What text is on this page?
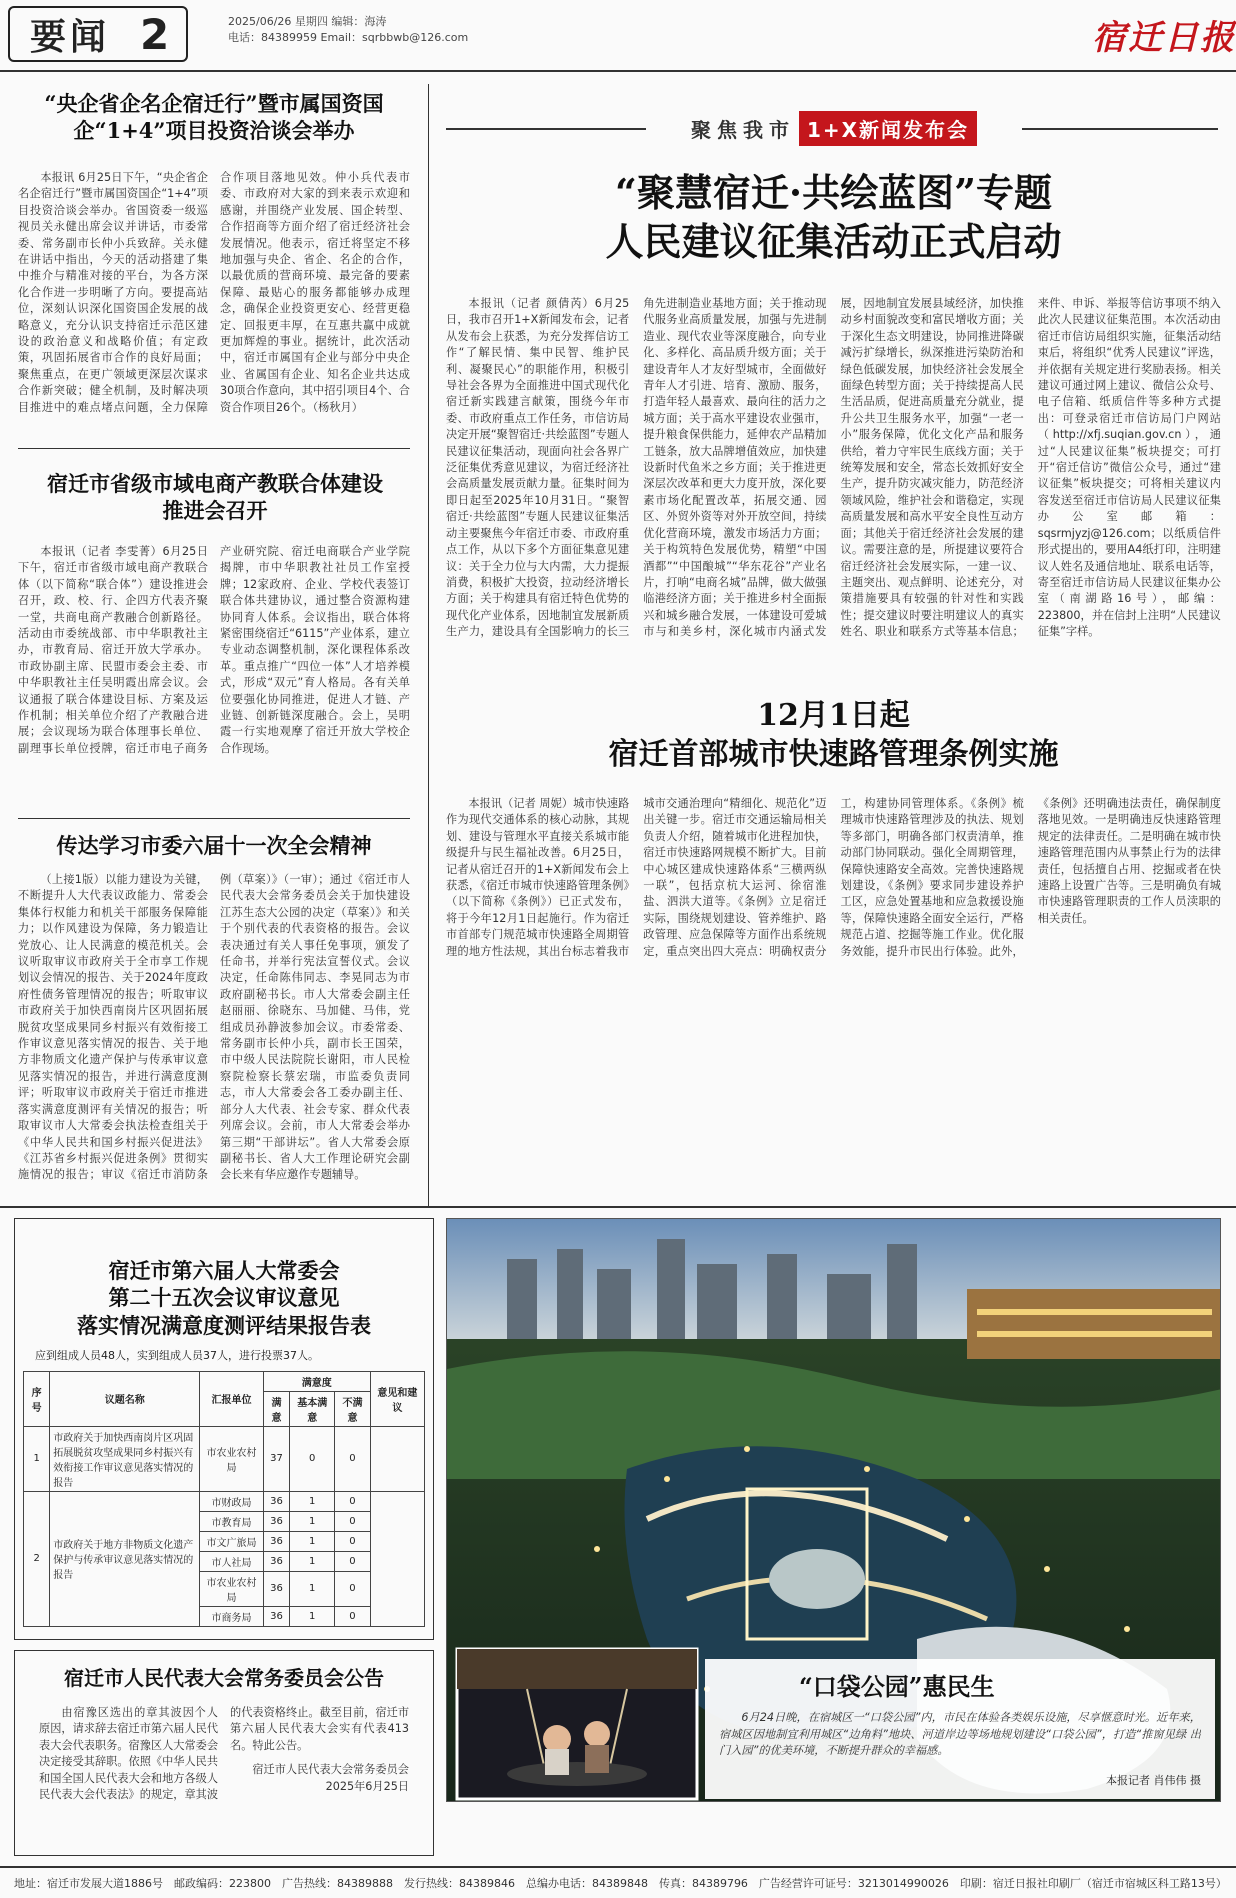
要闻 2	2025/06/26 星期四 编辑：海涛
电话：84389959 Email：sqrbbwb@126.com	宿迁日报
“央企省企名企宿迁行”暨市属国资国企“1+4”项目投资洽谈会举办

本报讯 6月25日下午，“央企省企名企宿迁行”暨市属国资国企“1+4”项目投资洽谈会举办。省国资委一级巡视员关永健出席会议并讲话，市委常委、常务副市长仲小兵致辞。关永健在讲话中指出，今天的活动搭建了集中推介与精准对接的平台，为各方深化合作进一步明晰了方向。要提高站位，深刻认识深化国资国企发展的战略意义，充分认识支持宿迁示范区建设的政治意义和战略价值；有定政策，巩固拓展省市合作的良好局面；聚焦重点，在更广领域更深层次谋求合作新突破；健全机制，及时解决项目推进中的难点堵点问题，全力保障合作项目落地见效。仲小兵代表市委、市政府对大家的到来表示欢迎和感谢，并围绕产业发展、国企转型、合作招商等方面介绍了宿迁经济社会发展情况。他表示，宿迁将坚定不移地加强与央企、省企、名企的合作，以最优质的营商环境、最完备的要素保障、最贴心的服务都能够办成理念，确保企业投资更安心、经营更稳定、回报更丰厚，在互惠共赢中成就更加辉煌的事业。据统计，此次活动中，宿迁市属国有企业与部分中央企业、省属国有企业、知名企业共达成30项合作意向，其中招引项目4个、合资合作项目26个。（杨秋月）

宿迁市省级市域电商产教联合体建设推进会召开

本报讯（记者 李雯菁）6月25日下午，宿迁市省级市域电商产教联合体（以下简称“联合体”）建设推进会召开，政、校、行、企四方代表齐聚一堂，共商电商产教融合创新路径。活动由市委统战部、市中华职教社主办，市教育局、宿迁开放大学承办。市政协副主席、民盟市委会主委、市中华职教社主任吴明霞出席会议。会议通报了联合体建设目标、方案及运作机制；相关单位介绍了产教融合进展；会议现场为联合体理事长单位、副理事长单位授牌，宿迁市电子商务产业研究院、宿迁电商联合产业学院揭牌，市中华职教社社员工作室授牌；12家政府、企业、学校代表签订联合体共建协议，通过整合资源构建协同育人体系。会议指出，联合体将紧密围绕宿迁“6115”产业体系，建立专业动态调整机制，深化课程体系改革。重点推广“四位一体”人才培养模式，形成“双元”育人格局。各有关单位要强化协同推进，促进人才链、产业链、创新链深度融合。会上，吴明霞一行实地观摩了宿迁开放大学校企合作现场。

传达学习市委六届十一次全会精神

（上接1版）以能力建设为关键，不断提升人大代表议政能力、常委会集体行权能力和机关干部服务保障能力；以作风建设为保障，务力锻造让党放心、让人民满意的模范机关。会议听取审议市政府关于全市享工作规划议会情况的报告、关于2024年度政府性债务管理情况的报告；听取审议市政府关于加快西南岗片区巩固拓展脱贫攻坚成果同乡村振兴有效衔接工作审议意见落实情况的报告、关于地方非物质文化遗产保护与传承审议意见落实情况的报告，并进行满意度测评；听取审议市政府关于宿迁市推进落实满意度测评有关情况的报告；听取审议市人大常委会执法检查组关于《中华人民共和国乡村振兴促进法》《江苏省乡村振兴促进条例》贯彻实施情况的报告；审议《宿迁市消防条例（草案）》（一审）；通过《宿迁市人民代表大会常务委员会关于加快建设江苏生态大公园的决定（草案）》和关于个别代表的代表资格的报告。会议表决通过有关人事任免事项，颁发了任命书，并举行宪法宣誓仪式。会议决定，任命陈伟同志、李晃同志为市政府副秘书长。市人大常委会副主任赵丽丽、徐晓东、马加健、马伟，党组成员孙静波参加会议。市委常委、常务副市长仲小兵，副市长王国荣，市中级人民法院院长谢阳，市人民检察院检察长蔡宏瑞，市监委负责同志，市人大常委会各工委办副主任、部分人大代表、社会专家、群众代表列席会议。会前，市人大常委会举办第三期“干部讲坛”。省人大常委会原副秘书长、省人大工作理论研究会副会长来有华应邀作专题辅导。

聚焦我市 1+X新闻发布会
“聚慧宿迁·共绘蓝图”专题
人民建议征集活动正式启动

本报讯（记者 颜倩芮）6月25日，我市召开1+X新闻发布会，记者从发布会上获悉，为充分发挥信访工作“了解民情、集中民智、维护民利、凝聚民心”的职能作用，积极引导社会各界为全面推进中国式现代化宿迁新实践建言献策，围绕今年市委、市政府重点工作任务，市信访局决定开展“聚智宿迁·共绘蓝图”专题人民建议征集活动，现面向社会各界广泛征集优秀意见建议，为宿迁经济社会高质量发展贡献力量。征集时间为即日起至2025年10月31日。“聚智宿迁·共绘蓝图”专题人民建议征集活动主要聚焦今年宿迁市委、市政府重点工作，从以下多个方面征集意见建议：关于全力位与大内需，大力提振消费，积极扩大投资，拉动经济增长方面；关于构建具有宿迁特色优势的现代化产业体系，因地制宜发展新质生产力，建设具有全国影响力的长三角先进制造业基地方面；关于推动现代服务业高质量发展，加强与先进制造业、现代农业等深度融合，向专业化、多样化、高品质升级方面；关于建设青年人才友好型城市，全面做好青年人才引进、培育、激励、服务，打造年轻人最喜欢、最向往的活力之城方面；关于高水平建设农业强市，提升粮食保供能力，延伸农产品精加工链条，放大品牌增值效应，加快建设新时代鱼米之乡方面；关于推进更深层次改革和更大力度开放，深化要素市场化配置改革，拓展交通、园区、外贸外资等对外开放空间，持续优化营商环境，激发市场活力方面；关于构筑特色发展优势，精塑“中国酒都”“中国酿城”“华东花谷”产业名片，打响“电商名城”品牌，做大做强临港经济方面；关于推进乡村全面振兴和城乡融合发展，一体建设可爱城市与和美乡村，深化城市内涵式发展，因地制宜发展县域经济，加快推动乡村面貌改变和富民增收方面；关于深化生态文明建设，协同推进降碳减污扩绿增长，纵深推进污染防治和绿色低碳发展，加快经济社会发展全面绿色转型方面；关于持续提高人民生活品质，促进高质量充分就业，提升公共卫生服务水平，加强“一老一小”服务保障，优化文化产品和服务供给，着力守牢民生底线方面；关于统筹发展和安全，常态长效抓好安全生产，提升防灾减灾能力，防范经济领域风险，维护社会和谐稳定，实现高质量发展和高水平安全良性互动方面；其他关于宿迁经济社会发展的建议。需要注意的是，所提建议要符合宿迁经济社会发展实际，一建一议、主题突出、观点鲜明、论述充分，对策措施要具有较强的针对性和实践性；提交建议时要注明建议人的真实姓名、职业和联系方式等基本信息；来件、申诉、举报等信访事项不纳入此次人民建议征集范围。本次活动由宿迁市信访局组织实施，征集活动结束后，将组织“优秀人民建议”评选，并依据有关规定进行奖励表扬。相关建议可通过网上建议、微信公众号、电子信箱、纸质信件等多种方式提出：可登录宿迁市信访局门户网站（http://xfj.suqian.gov.cn），通过“人民建议征集”板块提交；可打开“宿迁信访”微信公众号，通过“建议征集”板块提交；可将相关建议内容发送至宿迁市信访局人民建议征集办公室邮箱：sqsrmjyzj@126.com；以纸质信件形式提出的，要用A4纸打印，注明建议人姓名及通信地址、联系电话等，寄至宿迁市信访局人民建议征集办公室（南湖路16号），邮编：223800，并在信封上注明“人民建议征集”字样。

12月1日起
宿迁首部城市快速路管理条例实施

本报讯（记者 周妮）城市快速路作为现代交通体系的核心动脉，其规划、建设与管理水平直接关系城市能级提升与民生福祉改善。6月25日，记者从宿迁召开的1+X新闻发布会上获悉，《宿迁市城市快速路管理条例》（以下简称《条例》）已正式发布，将于今年12月1日起施行。作为宿迁市首部专门规范城市快速路全周期管理的地方性法规，其出台标志着我市城市交通治理向“精细化、规范化”迈出关键一步。宿迁市交通运输局相关负责人介绍，随着城市化进程加快，宿迁市快速路网规模不断扩大。目前中心城区建成快速路体系“三横两纵一联”，包括京杭大运河、徐宿淮盐、泗洪大道等。《条例》立足宿迁实际，围绕规划建设、管养维护、路政管理、应急保障等方面作出系统规定，重点突出四大亮点：明确权责分工，构建协同管理体系。《条例》梳理城市快速路管理涉及的执法、规划等多部门，明确各部门权责清单，推动部门协同联动。强化全周期管理，保障快速路安全高效。完善快速路规划建设，《条例》要求同步建设养护工区，应急处置基地和应急救援设施等，保障快速路全面安全运行，严格规范占道、挖掘等施工作业。优化服务效能，提升市民出行体验。此外，《条例》还明确违法责任，确保制度落地见效。一是明确违反快速路管理规定的法律责任。二是明确在城市快速路管理范围内从事禁止行为的法律责任，包括擅自占用、挖掘或者在快速路上设置广告等。三是明确负有城市快速路管理职责的工作人员渎职的相关责任。

宿迁市第六届人大常委会
第二十五次会议审议意见
落实情况满意度测评结果报告表
应到组成人员48人，实到组成人员37人，进行投票37人。
序号	议题名称	汇报单位	满意度			意见和建议
			满意	基本满意	不满意	
1	市政府关于加快西南岗片区巩固拓展脱贫攻坚成果同乡村振兴有效衔接工作审议意见落实情况的报告	市农业农村局	37	0	0	
2	市政府关于地方非物质文化遗产保护与传承审议意见落实情况的报告	市财政局	36	1	0	
		市教育局	36	1	0	
		市文广旅局	36	1	0	
		市人社局	36	1	0	
		市农业农村局	36	1	0	
		市商务局	36	1	0	
宿迁市人民代表大会常务委员会公告

由宿豫区选出的章其波因个人原因，请求辞去宿迁市第六届人民代表大会代表职务。宿豫区人大常委会决定接受其辞职。依照《中华人民共和国全国人民代表大会和地方各级人民代表大会代表法》的规定，章其波的代表资格终止。截至目前，宿迁市第六届人民代表大会实有代表413名。特此公告。

宿迁市人民代表大会常务委员会
2025年6月25日
“口袋公园”惠民生

6月24日晚，在宿城区一“口袋公园”内，市民在体验各类娱乐设施，尽享惬意时光。近年来，宿城区因地制宜利用城区“边角料”地块、河道岸边等场地规划建设“口袋公园”，打造“推窗见绿 出门入园”的优美环境，不断提升群众的幸福感。

本报记者 肖伟伟 摄
地址：宿迁市发展大道1886号　邮政编码：223800　广告热线：84389888　发行热线：84389846　总编办电话：84389848　传真：84389796　广告经营许可证号：3213014990026　印刷：宿迁日报社印刷厂（宿迁市宿城区科工路13号）
